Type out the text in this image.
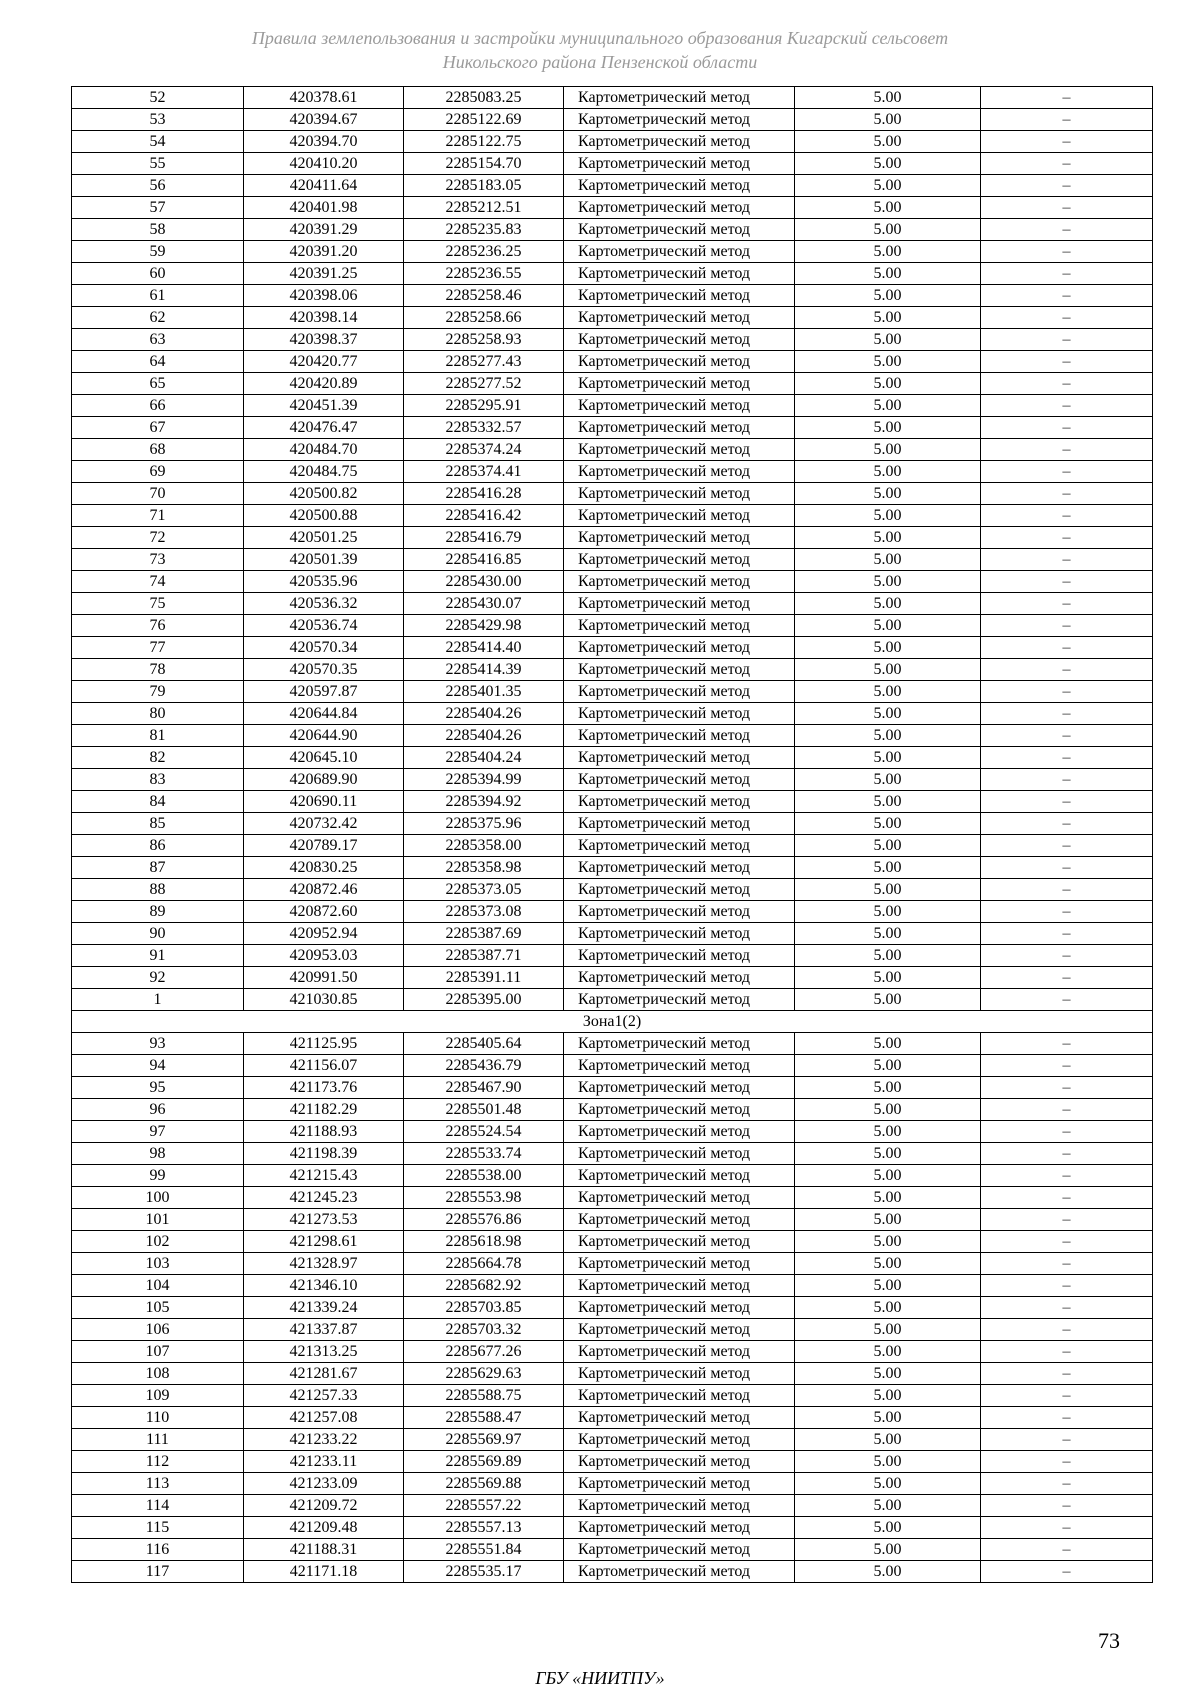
Правила землепользования и застройки муниципального образования Кигарский сельсовет
Никольского района Пензенской области
52	420378.61	2285083.25	Картометрический метод	5.00	–
53	420394.67	2285122.69	Картометрический метод	5.00	–
54	420394.70	2285122.75	Картометрический метод	5.00	–
55	420410.20	2285154.70	Картометрический метод	5.00	–
56	420411.64	2285183.05	Картометрический метод	5.00	–
57	420401.98	2285212.51	Картометрический метод	5.00	–
58	420391.29	2285235.83	Картометрический метод	5.00	–
59	420391.20	2285236.25	Картометрический метод	5.00	–
60	420391.25	2285236.55	Картометрический метод	5.00	–
61	420398.06	2285258.46	Картометрический метод	5.00	–
62	420398.14	2285258.66	Картометрический метод	5.00	–
63	420398.37	2285258.93	Картометрический метод	5.00	–
64	420420.77	2285277.43	Картометрический метод	5.00	–
65	420420.89	2285277.52	Картометрический метод	5.00	–
66	420451.39	2285295.91	Картометрический метод	5.00	–
67	420476.47	2285332.57	Картометрический метод	5.00	–
68	420484.70	2285374.24	Картометрический метод	5.00	–
69	420484.75	2285374.41	Картометрический метод	5.00	–
70	420500.82	2285416.28	Картометрический метод	5.00	–
71	420500.88	2285416.42	Картометрический метод	5.00	–
72	420501.25	2285416.79	Картометрический метод	5.00	–
73	420501.39	2285416.85	Картометрический метод	5.00	–
74	420535.96	2285430.00	Картометрический метод	5.00	–
75	420536.32	2285430.07	Картометрический метод	5.00	–
76	420536.74	2285429.98	Картометрический метод	5.00	–
77	420570.34	2285414.40	Картометрический метод	5.00	–
78	420570.35	2285414.39	Картометрический метод	5.00	–
79	420597.87	2285401.35	Картометрический метод	5.00	–
80	420644.84	2285404.26	Картометрический метод	5.00	–
81	420644.90	2285404.26	Картометрический метод	5.00	–
82	420645.10	2285404.24	Картометрический метод	5.00	–
83	420689.90	2285394.99	Картометрический метод	5.00	–
84	420690.11	2285394.92	Картометрический метод	5.00	–
85	420732.42	2285375.96	Картометрический метод	5.00	–
86	420789.17	2285358.00	Картометрический метод	5.00	–
87	420830.25	2285358.98	Картометрический метод	5.00	–
88	420872.46	2285373.05	Картометрический метод	5.00	–
89	420872.60	2285373.08	Картометрический метод	5.00	–
90	420952.94	2285387.69	Картометрический метод	5.00	–
91	420953.03	2285387.71	Картометрический метод	5.00	–
92	420991.50	2285391.11	Картометрический метод	5.00	–
1	421030.85	2285395.00	Картометрический метод	5.00	–
Зона1(2)					
93	421125.95	2285405.64	Картометрический метод	5.00	–
94	421156.07	2285436.79	Картометрический метод	5.00	–
95	421173.76	2285467.90	Картометрический метод	5.00	–
96	421182.29	2285501.48	Картометрический метод	5.00	–
97	421188.93	2285524.54	Картометрический метод	5.00	–
98	421198.39	2285533.74	Картометрический метод	5.00	–
99	421215.43	2285538.00	Картометрический метод	5.00	–
100	421245.23	2285553.98	Картометрический метод	5.00	–
101	421273.53	2285576.86	Картометрический метод	5.00	–
102	421298.61	2285618.98	Картометрический метод	5.00	–
103	421328.97	2285664.78	Картометрический метод	5.00	–
104	421346.10	2285682.92	Картометрический метод	5.00	–
105	421339.24	2285703.85	Картометрический метод	5.00	–
106	421337.87	2285703.32	Картометрический метод	5.00	–
107	421313.25	2285677.26	Картометрический метод	5.00	–
108	421281.67	2285629.63	Картометрический метод	5.00	–
109	421257.33	2285588.75	Картометрический метод	5.00	–
110	421257.08	2285588.47	Картометрический метод	5.00	–
111	421233.22	2285569.97	Картометрический метод	5.00	–
112	421233.11	2285569.89	Картометрический метод	5.00	–
113	421233.09	2285569.88	Картометрический метод	5.00	–
114	421209.72	2285557.22	Картометрический метод	5.00	–
115	421209.48	2285557.13	Картометрический метод	5.00	–
116	421188.31	2285551.84	Картометрический метод	5.00	–
117	421171.18	2285535.17	Картометрический метод	5.00	–
73
ГБУ «НИИТПУ»
